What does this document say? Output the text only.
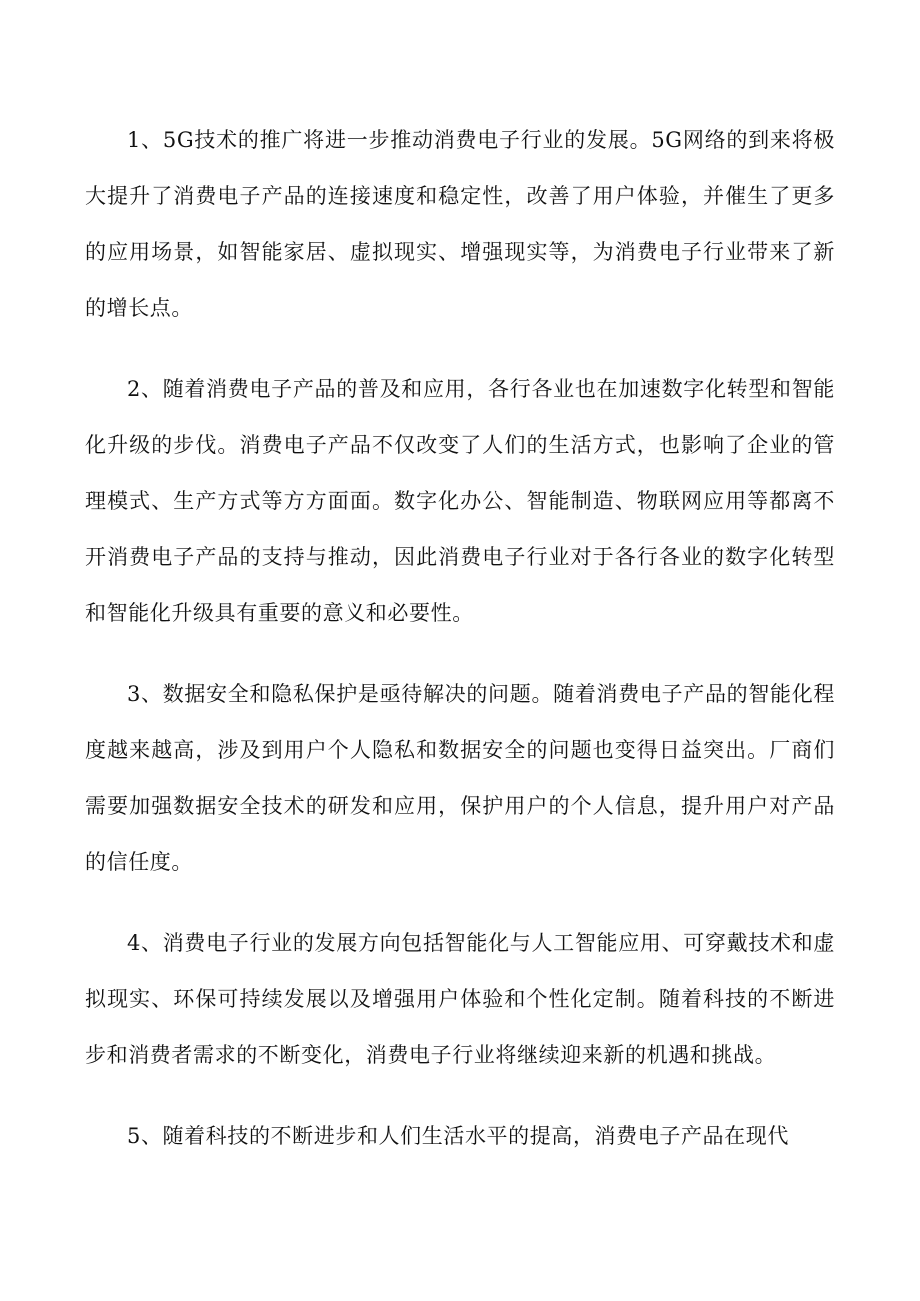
1、5G技术的推广将进一步推动消费电子行业的发展。5G网络的到来将极大提升了消费电子产品的连接速度和稳定性，改善了用户体验，并催生了更多的应用场景，如智能家居、虚拟现实、增强现实等，为消费电子行业带来了新的增长点。

2、随着消费电子产品的普及和应用，各行各业也在加速数字化转型和智能化升级的步伐。消费电子产品不仅改变了人们的生活方式，也影响了企业的管理模式、生产方式等方方面面。数字化办公、智能制造、物联网应用等都离不开消费电子产品的支持与推动，因此消费电子行业对于各行各业的数字化转型和智能化升级具有重要的意义和必要性。

3、数据安全和隐私保护是亟待解决的问题。随着消费电子产品的智能化程度越来越高，涉及到用户个人隐私和数据安全的问题也变得日益突出。厂商们需要加强数据安全技术的研发和应用，保护用户的个人信息，提升用户对产品的信任度。

4、消费电子行业的发展方向包括智能化与人工智能应用、可穿戴技术和虚拟现实、环保可持续发展以及增强用户体验和个性化定制。随着科技的不断进步和消费者需求的不断变化，消费电子行业将继续迎来新的机遇和挑战。

5、随着科技的不断进步和人们生活水平的提高，消费电子产品在现代
